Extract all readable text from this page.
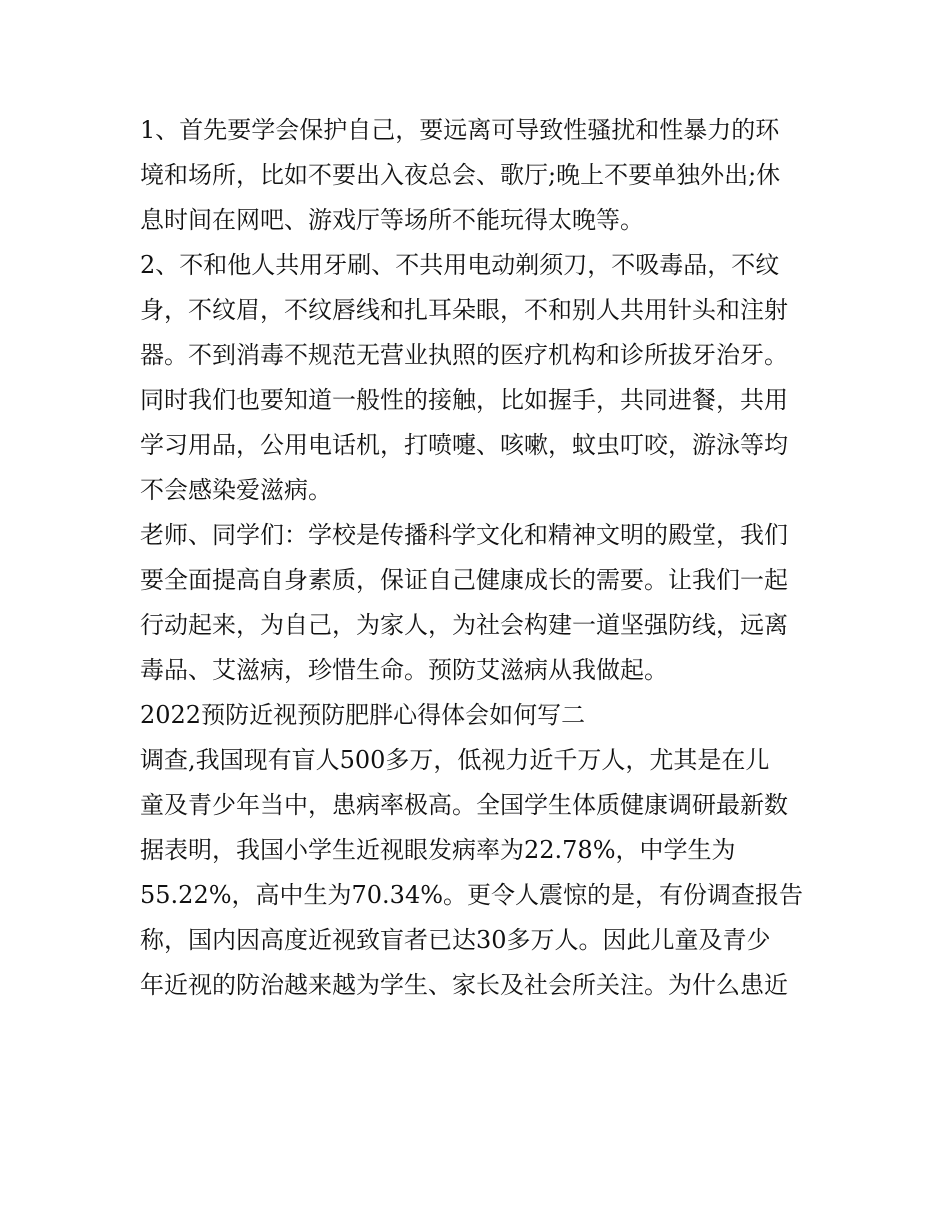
1、首先要学会保护自己，要远离可导致性骚扰和性暴力的环
境和场所，比如不要出入夜总会、歌厅;晚上不要单独外出;休
息时间在网吧、游戏厅等场所不能玩得太晚等。
2、不和他人共用牙刷、不共用电动剃须刀，不吸毒品，不纹
身，不纹眉，不纹唇线和扎耳朵眼，不和别人共用针头和注射
器。不到消毒不规范无营业执照的医疗机构和诊所拔牙治牙。
同时我们也要知道一般性的接触，比如握手，共同进餐，共用
学习用品，公用电话机，打喷嚏、咳嗽，蚊虫叮咬，游泳等均
不会感染爱滋病。
老师、同学们：学校是传播科学文化和精神文明的殿堂，我们
要全面提高自身素质，保证自己健康成长的需要。让我们一起
行动起来，为自己，为家人，为社会构建一道坚强防线，远离
毒品、艾滋病，珍惜生命。预防艾滋病从我做起。
2022预防近视预防肥胖心得体会如何写二
调查,我国现有盲人500多万，低视力近千万人，尤其是在儿
童及青少年当中，患病率极高。全国学生体质健康调研最新数
据表明，我国小学生近视眼发病率为22.78%，中学生为
55.22%，高中生为70.34%。更令人震惊的是，有份调查报告
称，国内因高度近视致盲者已达30多万人。因此儿童及青少
年近视的防治越来越为学生、家长及社会所关注。为什么患近
